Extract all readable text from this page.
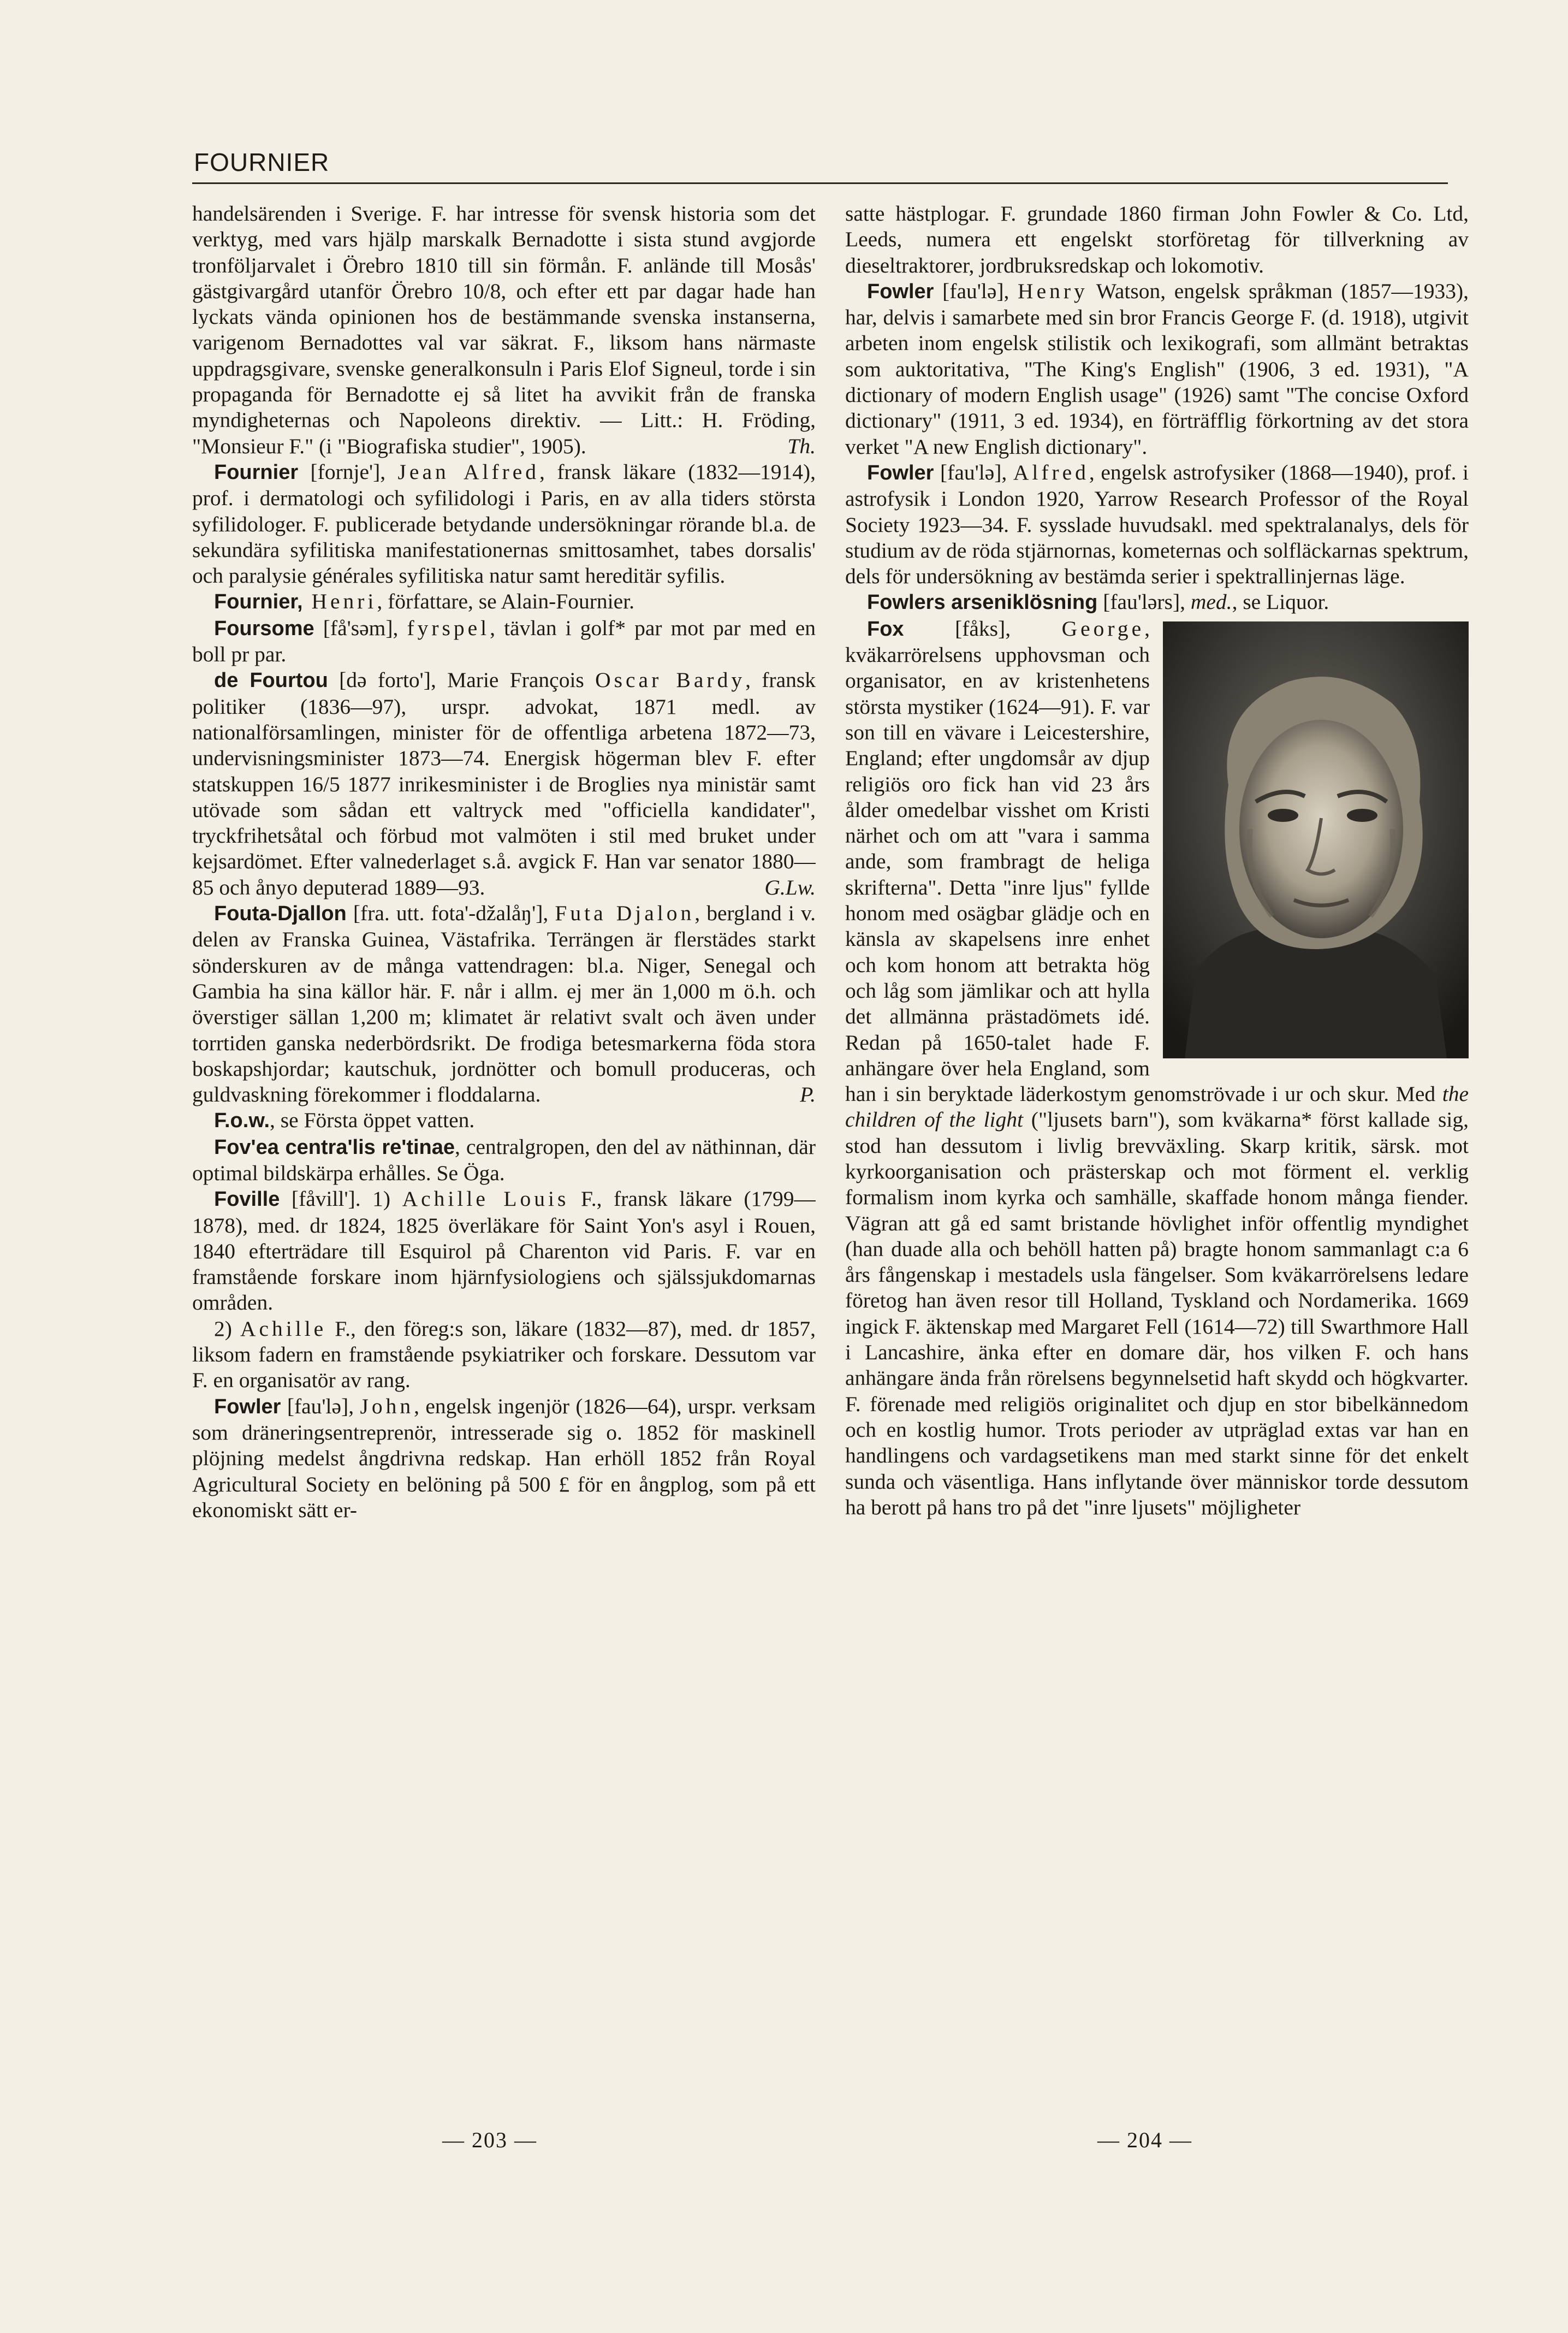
FOURNIER

handelsärenden i Sverige. F. har intresse för svensk historia som det verktyg, med vars hjälp marskalk Bernadotte i sista stund avgjorde tronföljarvalet i Örebro 1810 till sin förmån. F. anlände till Mosås' gästgivargård utanför Örebro 10/8, och efter ett par dagar hade han lyckats vända opinionen hos de bestämmande svenska instanserna, varigenom Bernadottes val var säkrat. F., liksom hans närmaste uppdragsgivare, svenske generalkonsuln i Paris Elof Signeul, torde i sin propaganda för Bernadotte ej så litet ha avvikit från de franska myndigheternas och Napoleons direktiv. — Litt.: H. Fröding, "Monsieur F." (i "Biografiska studier", 1905).	Th.

Fournier [fornje'], Jean Alfred, fransk läkare (1832—1914), prof. i dermatologi och syfilidologi i Paris, en av alla tiders största syfilidologer. F. publicerade betydande undersökningar rörande bl.a. de sekundära syfilitiska manifestationernas smittosamhet, tabes dorsalis' och paralysie générales syfilitiska natur samt hereditär syfilis.

Fournier, Henri, författare, se Alain-Fournier.

Foursome [få'səm], fyrspel, tävlan i golf* par mot par med en boll pr par.

de Fourtou [də forto'], Marie François Oscar Bardy, fransk politiker (1836—97), urspr. advokat, 1871 medl. av nationalförsamlingen, minister för de offentliga arbetena 1872—73, undervisningsminister 1873—74. Energisk högerman blev F. efter statskuppen 16/5 1877 inrikesminister i de Broglies nya ministär samt utövade som sådan ett valtryck med "officiella kandidater", tryckfrihetsåtal och förbud mot valmöten i stil med bruket under kejsardömet. Efter valnederlaget s.å. avgick F. Han var senator 1880—85 och ånyo deputerad 1889—93.	G.Lw.

Fouta-Djallon [fra. utt. fota'-džalåŋ'], Futa Djalon, bergland i v. delen av Franska Guinea, Västafrika. Terrängen är flerstädes starkt sönderskuren av de många vattendragen: bl.a. Niger, Senegal och Gambia ha sina källor här. F. når i allm. ej mer än 1,000 m ö.h. och överstiger sällan 1,200 m; klimatet är relativt svalt och även under torrtiden ganska nederbördsrikt. De frodiga betesmarkerna föda stora boskapshjordar; kautschuk, jordnötter och bomull produceras, och guldvaskning förekommer i floddalarna.	P.

F.o.w., se Första öppet vatten.

Fov'ea centra'lis re'tinae, centralgropen, den del av näthinnan, där optimal bildskärpa erhålles. Se Öga.

Foville [fåvill']. 1) Achille Louis F., fransk läkare (1799—1878), med. dr 1824, 1825 överläkare för Saint Yon's asyl i Rouen, 1840 efterträdare till Esquirol på Charenton vid Paris. F. var en framstående forskare inom hjärnfysiologiens och själssjukdomarnas områden.

2) Achille F., den föreg:s son, läkare (1832—87), med. dr 1857, liksom fadern en framstående psykiatriker och forskare. Dessutom var F. en organisatör av rang.

Fowler [fau'lə], John, engelsk ingenjör (1826—64), urspr. verksam som dräneringsentreprenör, intresserade sig o. 1852 för maskinell plöjning medelst ångdrivna redskap. Han erhöll 1852 från Royal Agricultural Society en belöning på 500 £ för en ångplog, som på ett ekonomiskt sätt er-

satte hästplogar. F. grundade 1860 firman John Fowler & Co. Ltd, Leeds, numera ett engelskt storföretag för tillverkning av dieseltraktorer, jordbruksredskap och lokomotiv.

Fowler [fau'lə], Henry Watson, engelsk språkman (1857—1933), har, delvis i samarbete med sin bror Francis George F. (d. 1918), utgivit arbeten inom engelsk stilistik och lexikografi, som allmänt betraktas som auktoritativa, "The King's English" (1906, 3 ed. 1931), "A dictionary of modern English usage" (1926) samt "The concise Oxford dictionary" (1911, 3 ed. 1934), en förträfflig förkortning av det stora verket "A new English dictionary".

Fowler [fau'lə], Alfred, engelsk astrofysiker (1868—1940), prof. i astrofysik i London 1920, Yarrow Research Professor of the Royal Society 1923—34. F. sysslade huvudsakl. med spektralanalys, dels för studium av de röda stjärnornas, kometernas och solfläckarnas spektrum, dels för undersökning av bestämda serier i spektrallinjernas läge.

Fowlers arseniklösning [fau'lərs], med., se Liquor.

Fox [fåks], George, kväkarrörelsens upphovsman och organisator, en av kristenhetens största mystiker (1624—91). F. var son till en vävare i Leicestershire, England; efter ungdomsår av djup religiös oro fick han vid 23 års ålder omedelbar visshet om Kristi närhet och om att "vara i samma ande, som frambragt de heliga skrifterna". Detta "inre ljus" fyllde honom med osägbar glädje och en känsla av skapelsens inre enhet och kom honom att betrakta hög och låg som jämlikar och att hylla det allmänna prästadömets idé. Redan på 1650-talet hade F. anhängare över hela England, som han i sin beryktade läderkostym genomströvade i ur och skur. Med the children of the light ("ljusets barn"), som kväkarna* först kallade sig, stod han dessutom i livlig brevväxling. Skarp kritik, särsk. mot kyrkoorganisation och prästerskap och mot förment el. verklig formalism inom kyrka och samhälle, skaffade honom många fiender. Vägran att gå ed samt bristande hövlighet inför offentlig myndighet (han duade alla och behöll hatten på) bragte honom sammanlagt c:a 6 års fångenskap i mestadels usla fängelser. Som kväkarrörelsens ledare företog han även resor till Holland, Tyskland och Nordamerika. 1669 ingick F. äktenskap med Margaret Fell (1614—72) till Swarthmore Hall i Lancashire, änka efter en domare där, hos vilken F. och hans anhängare ända från rörelsens begynnelsetid haft skydd och högkvarter. F. förenade med religiös originalitet och djup en stor bibelkännedom och en kostlig humor. Trots perioder av utpräglad extas var han en handlingens och vardagsetikens man med starkt sinne för det enkelt sunda och väsentliga. Hans inflytande över människor torde dessutom ha berott på hans tro på det "inre ljusets" möjligheter

— 203 —	— 204 —
